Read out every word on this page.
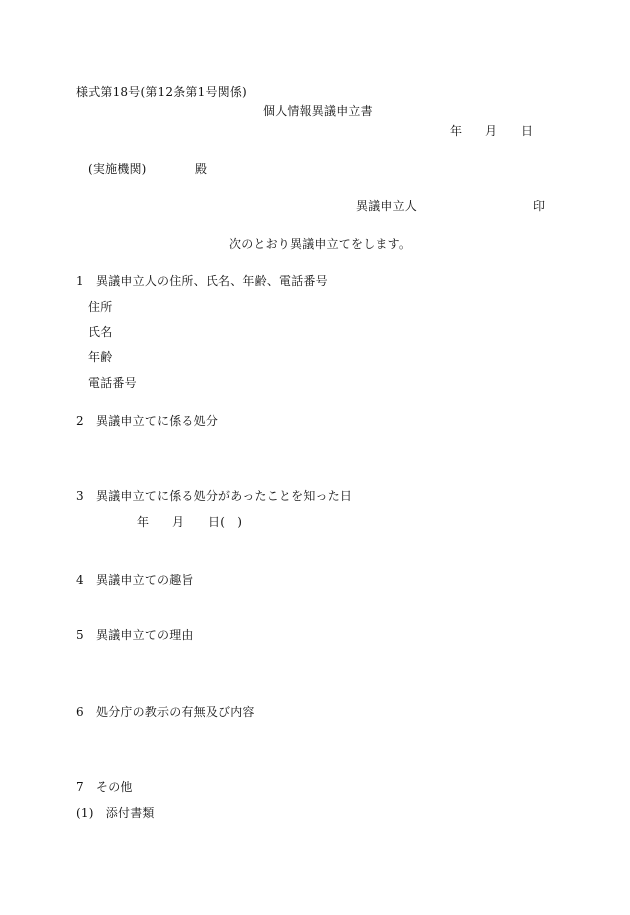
様式第18号(第12条第1号関係)
個人情報異議申立書
年 月 日
(実施機関)	殿
異議申立人	印
次のとおり異議申立てをします。
1　異議申立人の住所、氏名、年齢、電話番号
住所
氏名
年齢
電話番号
2　異議申立てに係る処分
3　異議申立てに係る処分があったことを知った日
年 月 日(　)
4　異議申立ての趣旨
5　異議申立ての理由
6　処分庁の教示の有無及び内容
7　その他
(1)　添付書類
